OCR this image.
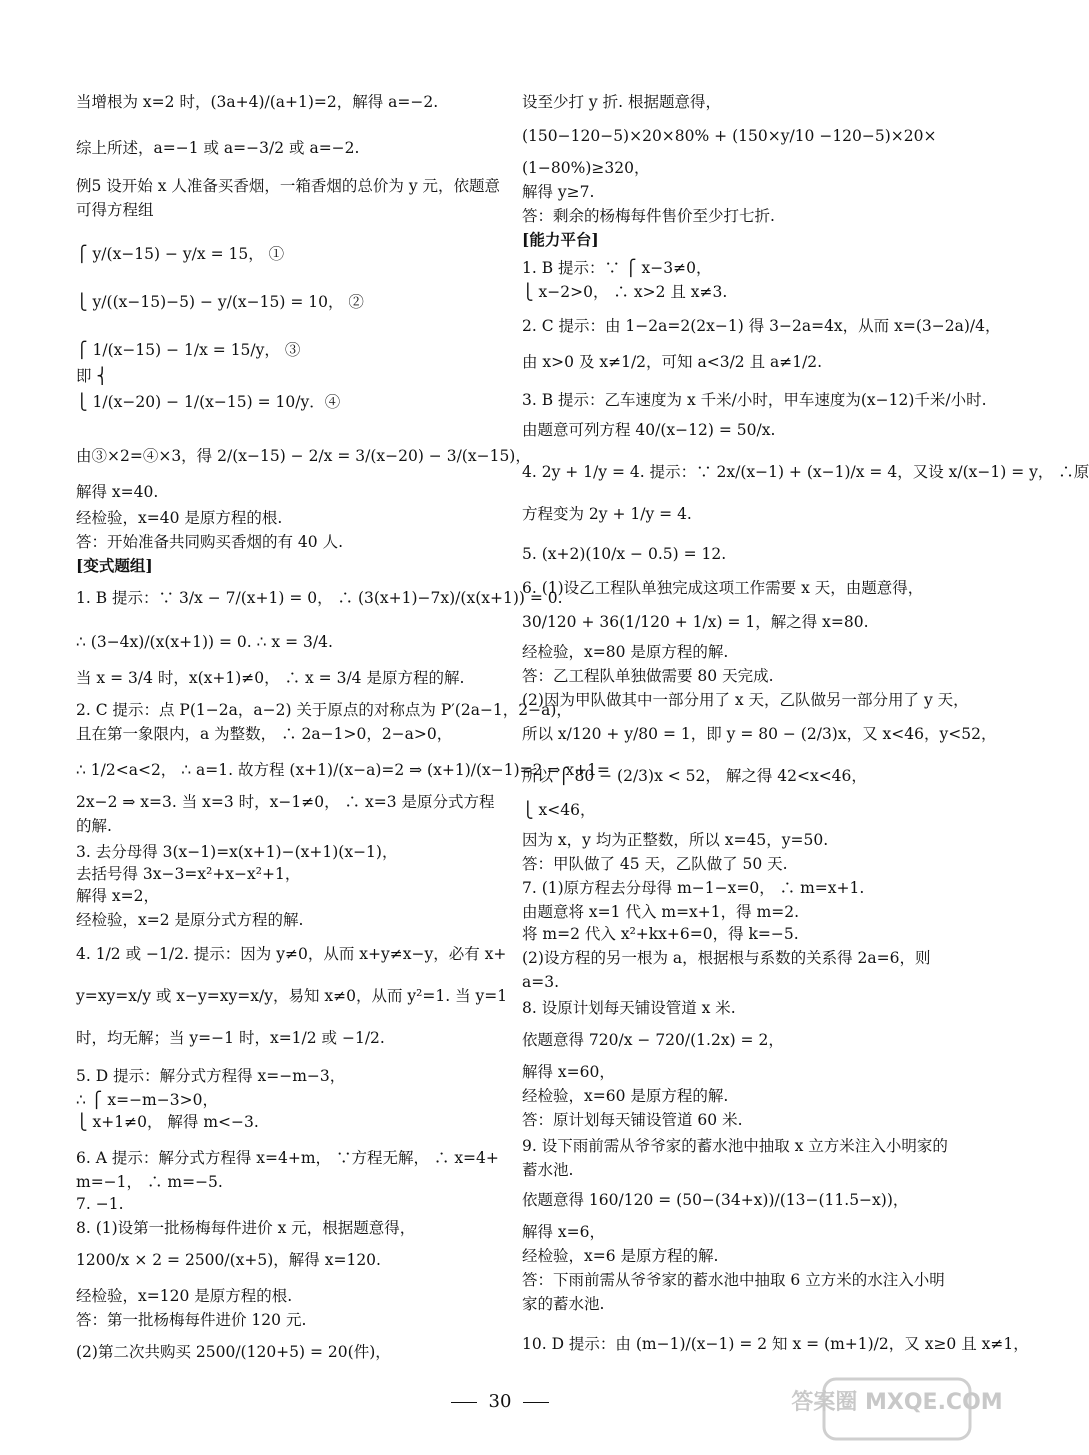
当增根为 x=2 时，(3a+4)/(a+1)=2，解得 a=−2.
综上所述，a=−1 或 a=−3/2 或 a=−2.
例5 设开始 x 人准备买香烟，一箱香烟的总价为 y 元，依题意
可得方程组
⎧ y/(x−15) − y/x = 15， ①
⎩ y/((x−15)−5) − y/(x−15) = 10， ②
⎧ 1/(x−15) − 1/x = 15/y， ③
即 ⎨
⎩ 1/(x−20) − 1/(x−15) = 10/y．④
由③×2=④×3，得 2/(x−15) − 2/x = 3/(x−20) − 3/(x−15)，
解得 x=40.
经检验，x=40 是原方程的根.
答：开始准备共同购买香烟的有 40 人.
[变式题组]
1. B 提示：∵ 3/x − 7/(x+1) = 0， ∴ (3(x+1)−7x)/(x(x+1)) = 0.
∴ (3−4x)/(x(x+1)) = 0. ∴ x = 3/4.
当 x = 3/4 时，x(x+1)≠0， ∴ x = 3/4 是原方程的解.
2. C 提示：点 P(1−2a，a−2) 关于原点的对称点为 P′(2a−1，2−a)，
且在第一象限内，a 为整数， ∴ 2a−1>0，2−a>0，
∴ 1/2<a<2， ∴ a=1. 故方程 (x+1)/(x−a)=2 ⇒ (x+1)/(x−1)=2 ⇒ x+1=
2x−2 ⇒ x=3. 当 x=3 时，x−1≠0， ∴ x=3 是原分式方程
的解.
3. 去分母得 3(x−1)=x(x+1)−(x+1)(x−1)，
去括号得 3x−3=x²+x−x²+1，
解得 x=2，
经检验，x=2 是原分式方程的解.
4. 1/2 或 −1/2. 提示：因为 y≠0，从而 x+y≠x−y，必有 x+
y=xy=x/y 或 x−y=xy=x/y，易知 x≠0，从而 y²=1. 当 y=1
时，均无解；当 y=−1 时，x=1/2 或 −1/2.
5. D 提示：解分式方程得 x=−m−3，
∴ ⎧ x=−m−3>0，
⎩ x+1≠0， 解得 m<−3.
6. A 提示：解分式方程得 x=4+m， ∵方程无解， ∴ x=4+
m=−1， ∴ m=−5.
7. −1.
8. (1)设第一批杨梅每件进价 x 元，根据题意得，
1200/x × 2 = 2500/(x+5)，解得 x=120.
经检验，x=120 是原方程的根.
答：第一批杨梅每件进价 120 元.
(2)第二次共购买 2500/(120+5) = 20(件)，
设至少打 y 折. 根据题意得，
(150−120−5)×20×80% + (150×y/10 −120−5)×20×
(1−80%)≥320，
解得 y≥7.
答：剩余的杨梅每件售价至少打七折.
[能力平台]
1. B 提示：∵ ⎧ x−3≠0，
⎩ x−2>0， ∴ x>2 且 x≠3.
2. C 提示：由 1−2a=2(2x−1) 得 3−2a=4x，从而 x=(3−2a)/4，
由 x>0 及 x≠1/2，可知 a<3/2 且 a≠1/2.
3. B 提示：乙车速度为 x 千米/小时，甲车速度为(x−12)千米/小时.
由题意可列方程 40/(x−12) = 50/x.
4. 2y + 1/y = 4. 提示：∵ 2x/(x−1) + (x−1)/x = 4，又设 x/(x−1) = y， ∴原
方程变为 2y + 1/y = 4.
5. (x+2)(10/x − 0.5) = 12.
6. (1)设乙工程队单独完成这项工作需要 x 天，由题意得，
30/120 + 36(1/120 + 1/x) = 1，解之得 x=80.
经检验，x=80 是原方程的解.
答：乙工程队单独做需要 80 天完成.
(2)因为甲队做其中一部分用了 x 天，乙队做另一部分用了 y 天，
所以 x/120 + y/80 = 1，即 y = 80 − (2/3)x，又 x<46，y<52，
所以 ⎧ 80 − (2/3)x < 52， 解之得 42<x<46，
⎩ x<46，
因为 x，y 均为正整数，所以 x=45，y=50.
答：甲队做了 45 天，乙队做了 50 天.
7. (1)原方程去分母得 m−1−x=0， ∴ m=x+1.
由题意将 x=1 代入 m=x+1，得 m=2.
将 m=2 代入 x²+kx+6=0，得 k=−5.
(2)设方程的另一根为 a，根据根与系数的关系得 2a=6，则
a=3.
8. 设原计划每天铺设管道 x 米.
依题意得 720/x − 720/(1.2x) = 2，
解得 x=60，
经检验，x=60 是原方程的解.
答：原计划每天铺设管道 60 米.
9. 设下雨前需从爷爷家的蓄水池中抽取 x 立方米注入小明家的
蓄水池.
依题意得 160/120 = (50−(34+x))/(13−(11.5−x))，
解得 x=6，
经检验，x=6 是原方程的解.
答：下雨前需从爷爷家的蓄水池中抽取 6 立方米的水注入小明
家的蓄水池.
10. D 提示：由 (m−1)/(x−1) = 2 知 x = (m+1)/2，又 x≥0 且 x≠1，
30	答案圈 MXQE.COM
